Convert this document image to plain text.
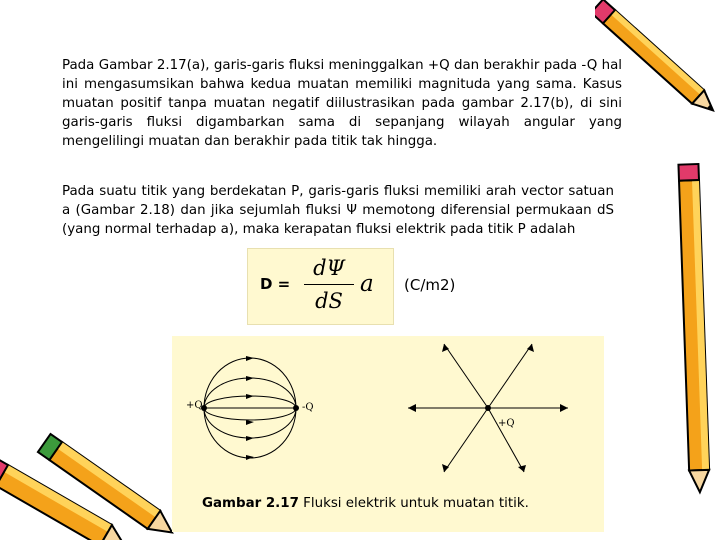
Pada Gambar 2.17(a), garis-garis fluksi meninggalkan +Q dan berakhir pada -Q hal ini mengasumsikan bahwa kedua muatan memiliki magnituda yang sama. Kasus muatan positif tanpa muatan negatif diilustrasikan pada gambar 2.17(b), di sini garis-garis fluksi digambarkan sama di sepanjang wilayah angular yang mengelilingi muatan dan berakhir pada titik tak hingga.

Pada suatu titik yang berdekatan P, garis-garis fluksi memiliki arah vector satuan a (Gambar 2.18) dan jika sejumlah fluksi Ψ memotong diferensial permukaan dS (yang normal terhadap a), maka kerapatan fluksi elektrik pada titik P adalah

D =
dΨ
dS
a (C/m2)
+Q	-Q
+Q
Gambar 2.17 Fluksi elektrik untuk muatan titik.
